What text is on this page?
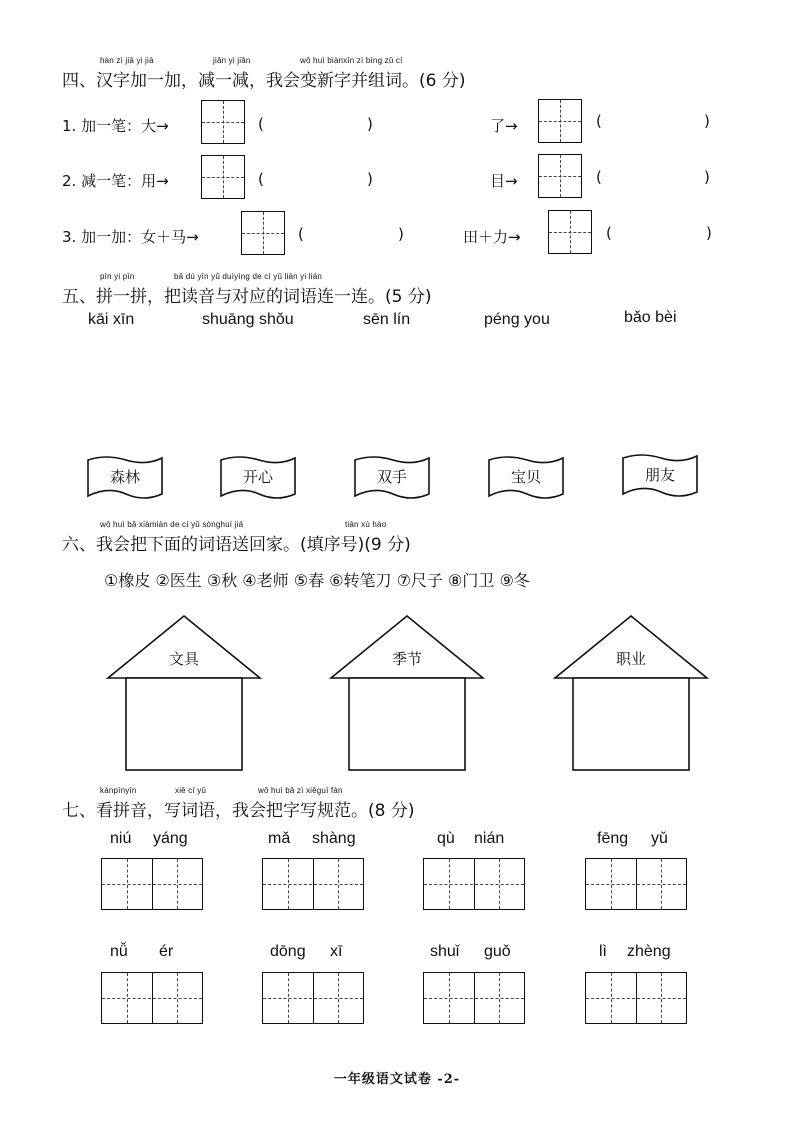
hàn zì jiā yi jiā	jiǎn yi jiǎn	wǒ huì biànxīn zì bìng zǔ cí
四、汉字加一加，减一减，我会变新字并组词。(6 分)
1. 加一笔：大→	(	)	了→	(	)
2. 减一笔：用→	(	)	目→	(	)
3. 加一加：女＋马→	(	)	田＋力→	(	)
pīn yi pīn	bǎ dú yīn yǔ duìyìng de cí yǔ lián yi lián
五、拼一拼，把读音与对应的词语连一连。(5 分)
kāi xīn	shuāng shǒu	sēn lín	péng you	bǎo bèi
森林	开心	双手	宝贝	朋友
wǒ huì bǎ xiàmiàn de cí yǔ sònghuí jiā	tián xù hào
六、我会把下面的词语送回家。(填序号)(9 分)
①橡皮 ②医生 ③秋 ④老师 ⑤春 ⑥转笔刀 ⑦尺子 ⑧门卫 ⑨冬
文具	季节	职业
kànpīnyīn	xiě cí yǔ	wǒ huì bǎ zì xiěguī fàn
七、看拼音，写词语，我会把字写规范。(8 分)
niú yáng	mǎ shàng	qù nián	fēng yǔ
nǚ ér	dōng xī	shuǐ guǒ	lì zhèng
一年级语文试卷 -2-
